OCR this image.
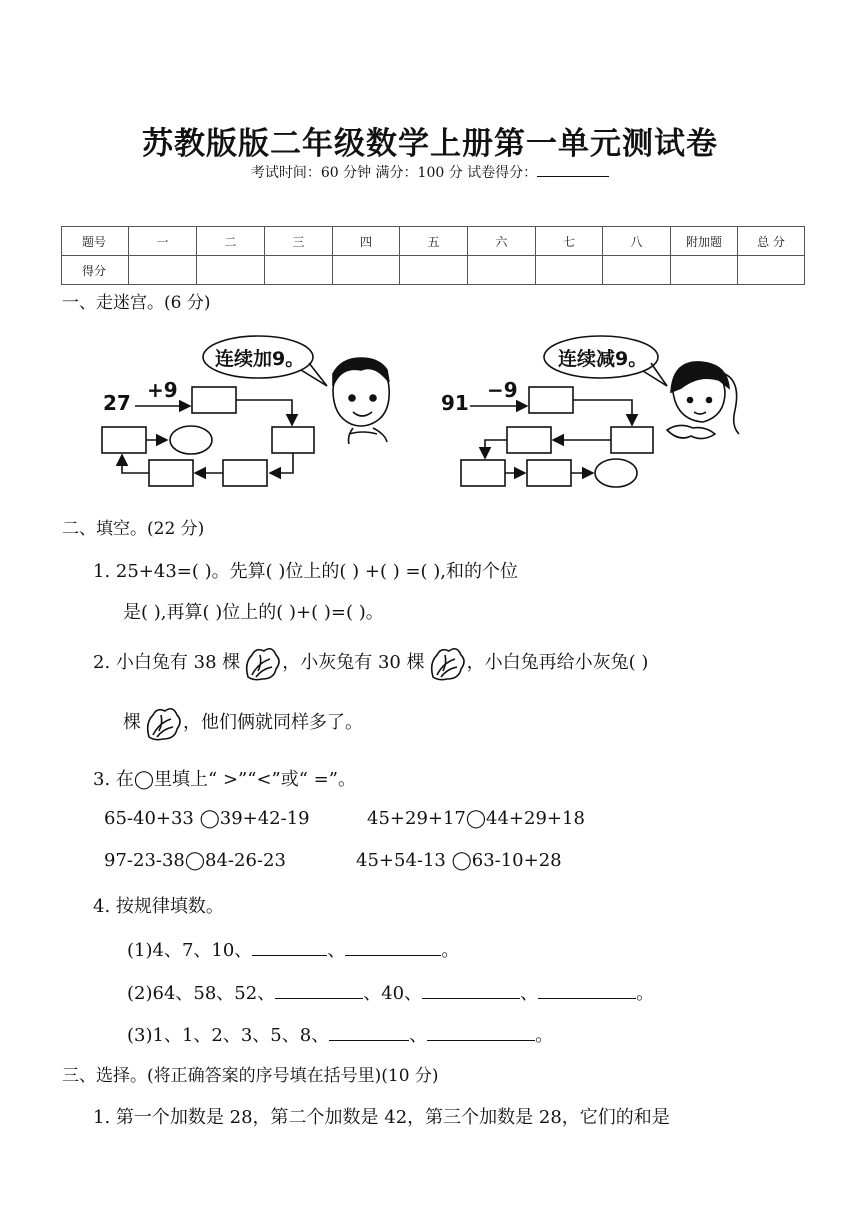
苏教版版二年级数学上册第一单元测试卷
考试时间：60 分钟 满分：100 分 试卷得分：
题号	一	二	三	四	五	六	七	八	附加题	总 分
得分										
一、走迷宫。(6 分)
连续加9。	连续减9。
27
+9
91
−9
二、填空。(22 分)
1. 25+43=( )。先算( )位上的( ) +( ) =( ),和的个位
是( ),再算( )位上的( )+( )=( )。
2. 小白兔有 38 棵 ，小灰兔有 30 棵 ，小白兔再给小灰兔( )
棵 ，他们俩就同样多了。
3. 在◯里填上“ >”“<”或“ =”。
65-40+33 ◯39+42-19	45+29+17◯44+29+18
97-23-38◯84-26-23	45+54-13 ◯63-10+28
4. 按规律填数。
(1)4、7、10、	、	。
(2)64、58、52、	、40、	、	。
(3)1、1、2、3、5、8、	、	。
三、选择。(将正确答案的序号填在括号里)(10 分)
1. 第一个加数是 28，第二个加数是 42，第三个加数是 28，它们的和是
